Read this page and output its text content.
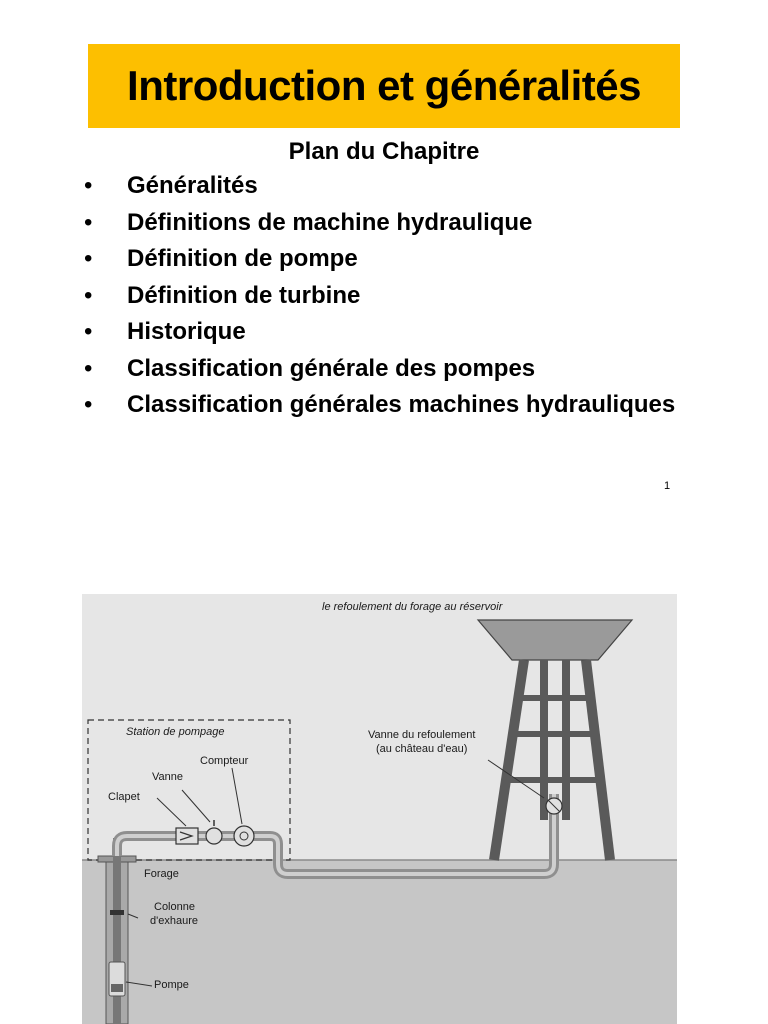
Introduction et généralités
Plan du Chapitre
• Généralités
• Définitions de machine hydraulique
• Définition de pompe
• Définition de turbine
• Historique
• Classification générale des pompes
• Classification générales machines hydrauliques
1
le refoulement du forage au réservoir
Station de pompage
Compteur
Vanne
Clapet
Forage
Colonne
d'exhaure
Pompe
Vanne du refoulement
(au château d'eau)
